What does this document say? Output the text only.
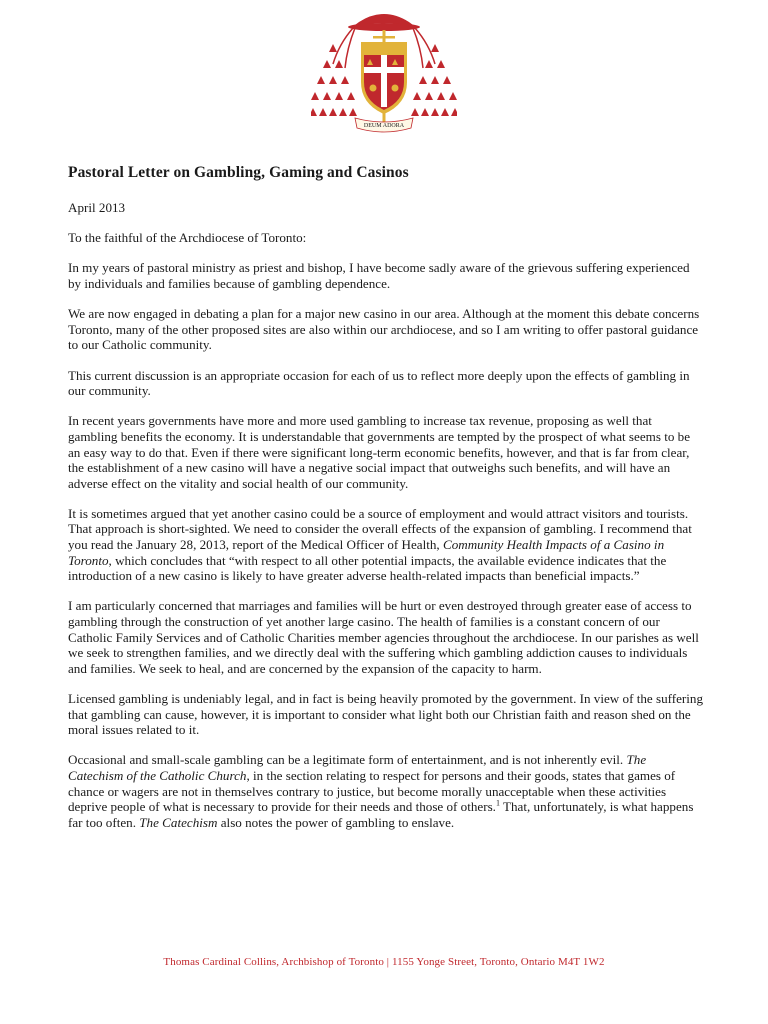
DEUM ADORA
Pastoral Letter on Gambling, Gaming and Casinos

April 2013

To the faithful of the Archdiocese of Toronto:

In my years of pastoral ministry as priest and bishop, I have become sadly aware of the grievous suffering experienced by individuals and families because of gambling dependence.

We are now engaged in debating a plan for a major new casino in our area. Although at the moment this debate concerns Toronto, many of the other proposed sites are also within our archdiocese, and so I am writing to offer pastoral guidance to our Catholic community.

This current discussion is an appropriate occasion for each of us to reflect more deeply upon the effects of gambling in our community.

In recent years governments have more and more used gambling to increase tax revenue, proposing as well that gambling benefits the economy. It is understandable that governments are tempted by the prospect of what seems to be an easy way to do that. Even if there were significant long-term economic benefits, however, and that is far from clear, the establishment of a new casino will have a negative social impact that outweighs such benefits, and will have an adverse effect on the vitality and social health of our community.

It is sometimes argued that yet another casino could be a source of employment and would attract visitors and tourists. That approach is short-sighted. We need to consider the overall effects of the expansion of gambling. I recommend that you read the January 28, 2013, report of the Medical Officer of Health, Community Health Impacts of a Casino in Toronto, which concludes that “with respect to all other potential impacts, the available evidence indicates that the introduction of a new casino is likely to have greater adverse health-related impacts than beneficial impacts.”

I am particularly concerned that marriages and families will be hurt or even destroyed through greater ease of access to gambling through the construction of yet another large casino. The health of families is a constant concern of our Catholic Family Services and of Catholic Charities member agencies throughout the archdiocese. In our parishes as well we seek to strengthen families, and we directly deal with the suffering which gambling addiction causes to individuals and families. We seek to heal, and are concerned by the expansion of the capacity to harm.

Licensed gambling is undeniably legal, and in fact is being heavily promoted by the government. In view of the suffering that gambling can cause, however, it is important to consider what light both our Christian faith and reason shed on the moral issues related to it.

Occasional and small-scale gambling can be a legitimate form of entertainment, and is not inherently evil. The Catechism of the Catholic Church, in the section relating to respect for persons and their goods, states that games of chance or wagers are not in themselves contrary to justice, but become morally unacceptable when these activities deprive people of what is necessary to provide for their needs and those of others.$^1$ That, unfortunately, is what happens far too often. The Catechism also notes the power of gambling to enslave.

Thomas Cardinal Collins, Archbishop of Toronto | 1155 Yonge Street, Toronto, Ontario M4T 1W2
